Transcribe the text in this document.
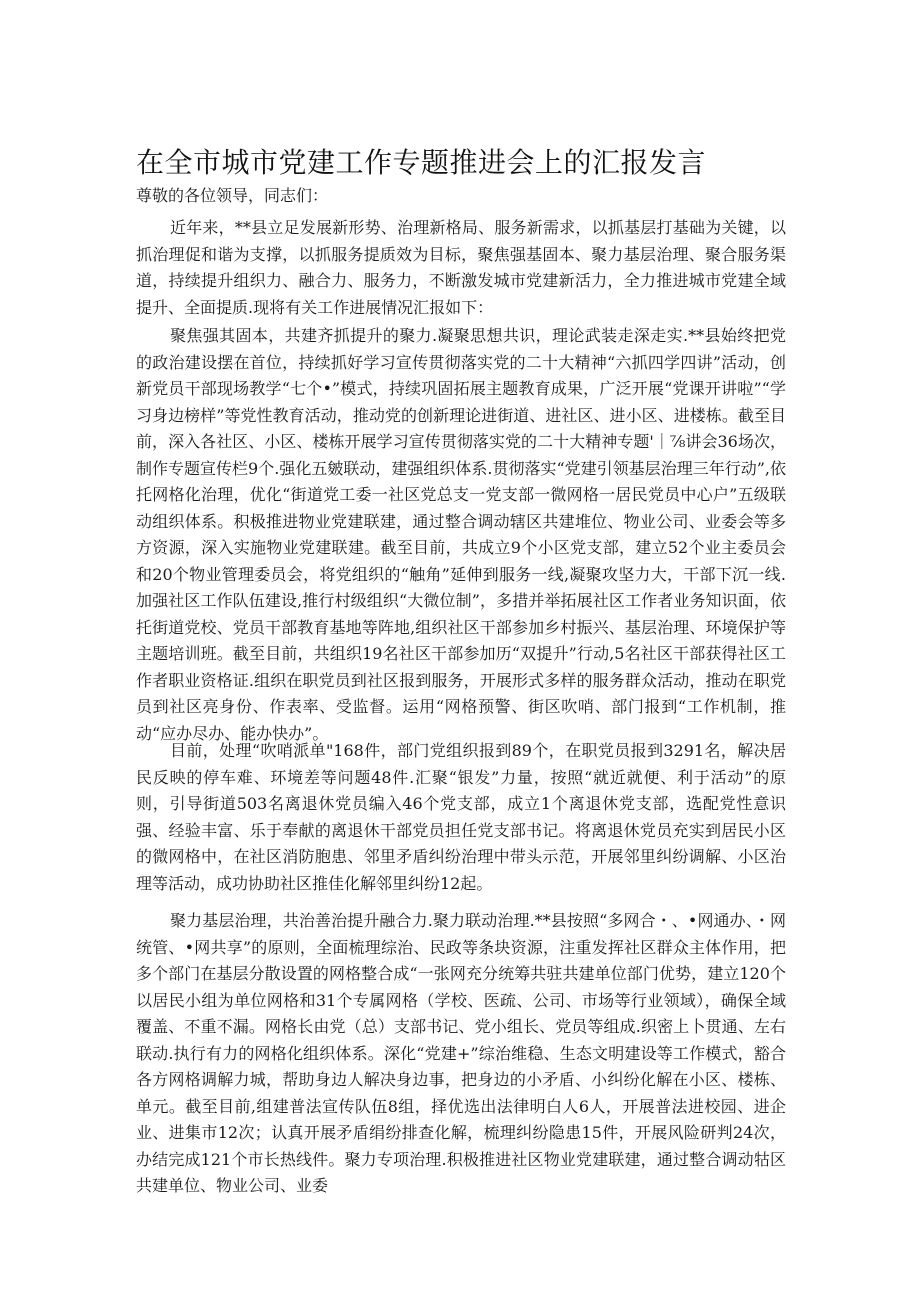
在全市城市党建工作专题推进会上的汇报发言
尊敬的各位领导，同志们：

近年来，**县立足发展新形势、治理新格局、服务新需求，以抓基层打基础为关键，以抓治理促和谐为支撑，以抓服务提质效为目标，聚焦强基固本、聚力基层治理、聚合服务渠道，持续提升组织力、融合力、服务力，不断激发城市党建新活力，全力推进城市党建全域提升、全面提质.现将有关工作进展情况汇报如下：

聚焦强其固本，共建齐抓提升的聚力.凝聚思想共识，理论武装走深走实.**县始终把党的政治建设摆在首位，持续抓好学习宣传贯彻落实党的二十大精神“六抓四学四讲”活动，创新党员干部现场教学“七个•”模式，持续巩固拓展主题教育成果，广泛开展“党课开讲啦”“学习身边榜样”等党性教育活动，推动党的创新理论进街道、进社区、进小区、进楼栋。截至目前，深入各社区、小区、楼栋开展学习宣传贯彻落实党的二十大精神专题'｜⅞讲会36场次，制作专题宣传栏9个.强化五皴联动，建强组织体系.贯彻落实“党建引领基层治理三年行动”,依托网格化治理，优化“街道党工委一社区党总支一党支部一微网格一居民党员中心户”五级联动组织体系。积极推进物业党建联建，通过整合调动辖区共建堆位、物业公司、业委会等多方资源，深入实施物业党建联建。截至目前，共成立9个小区党支部，建立52个业主委员会和20个物业管理委员会，将党组织的“触角”延伸到服务一线,凝聚攻坚力大，干部下沉一线.加强社区工作队伍建设,推行村级组织“大微位制”，多措并举拓展社区工作者业务知识面，依托街道党校、党员干部教育基地等阵地,组织社区干部参加乡村振兴、基层治理、环境保护等主题培训班。截至目前，共组织19名社区干部参加历“双提升”行动,5名社区干部获得社区工作者职业资格证.组织在职党员到社区报到服务，开展形式多样的服务群众活动，推动在职党员到社区亮身份、作表率、受监督。运用“网格预警、街区吹哨、部门报到“工作机制，推动“应办尽办、能办快办”。

目前，处理“吹哨派单"168件，部门党组织报到89个，在职党员报到3291名，解决居民反映的停车难、环境差等问题48件.汇聚“银发”力量，按照“就近就便、利于活动”的原则，引导街道503名离退休党员编入46个党支部，成立1个离退休党支部，选配党性意识强、经验丰富、乐于奉献的离退休干部党员担任党支部书记。将离退休党员充实到居民小区的微网格中，在社区消防胞患、邻里矛盾纠纷治理中带头示范，开展邻里纠纷调解、小区治理等活动，成功协助社区推佳化解邻里纠纷12起。

聚力基层治理，共治善治提升融合力.聚力联动治理.**县按照“多网合・、•网通办、・网统管、•网共享”的原则，全面梳理综治、民政等条块资源，注重发挥社区群众主体作用，把多个部门在基层分散设置的网格整合成“一张网充分统筹共驻共建单位部门优势，建立120个以居民小组为单位网格和31个专属网格（学校、医疏、公司、市场等行业领域），确保全域覆盖、不重不漏。网格长由党（总）支部书记、党小组长、党员等组成.织密上卜贯通、左右联动.执行有力的网格化组织体系。深化“党建+”综治维稳、生态文明建设等工作模式，豁合各方网格调解力城，帮助身边人解决身边事，把身边的小矛盾、小纠纷化解在小区、楼栋、单元。截至目前,组建普法宣传队伍8组，择优选出法律明白人6人，开展普法进校园、进企业、进集市12次；认真开展矛盾绢纷排查化解，梳理纠纷隐患15件，开展风险研判24次，办结完成121个市长热线件。聚力专项治理.积极推进社区物业党建联建，通过整合调动牯区共建单位、物业公司、业委
